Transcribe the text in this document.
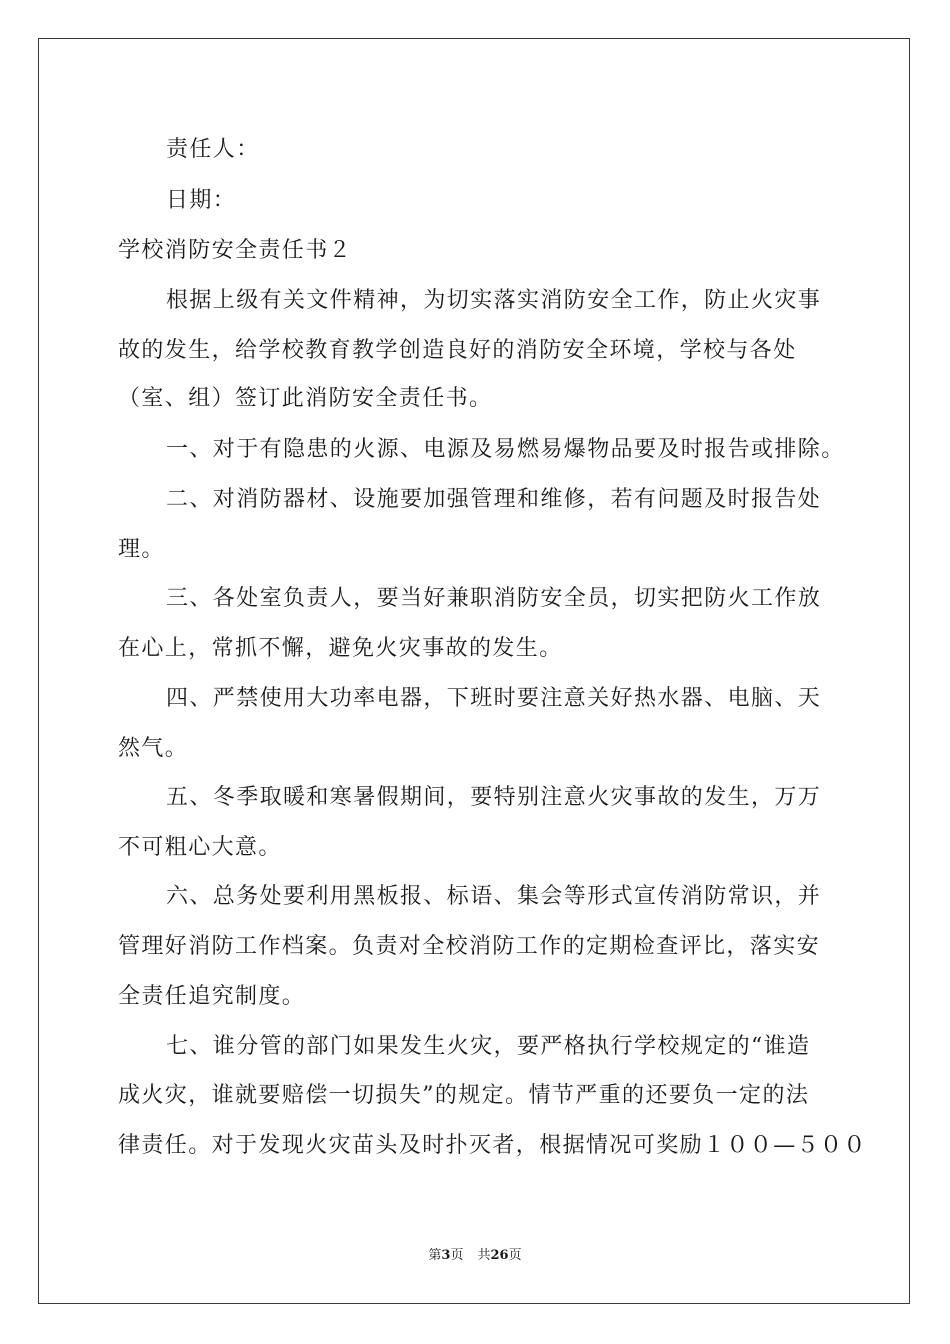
责任人：
日期：
学校消防安全责任书２
根据上级有关文件精神，为切实落实消防安全工作，防止火灾事
故的发生，给学校教育教学创造良好的消防安全环境，学校与各处
（室、组）签订此消防安全责任书。
一、对于有隐患的火源、电源及易燃易爆物品要及时报告或排除。
二、对消防器材、设施要加强管理和维修，若有问题及时报告处
理。
三、各处室负责人，要当好兼职消防安全员，切实把防火工作放
在心上，常抓不懈，避免火灾事故的发生。
四、严禁使用大功率电器，下班时要注意关好热水器、电脑、天
然气。
五、冬季取暖和寒暑假期间，要特别注意火灾事故的发生，万万
不可粗心大意。
六、总务处要利用黑板报、标语、集会等形式宣传消防常识，并
管理好消防工作档案。负责对全校消防工作的定期检查评比，落实安
全责任追究制度。
七、谁分管的部门如果发生火灾，要严格执行学校规定的“谁造
成火灾，谁就要赔偿一切损失”的规定。情节严重的还要负一定的法
律责任。对于发现火灾苗头及时扑灭者，根据情况可奖励１００—５００
第3页 共26页
